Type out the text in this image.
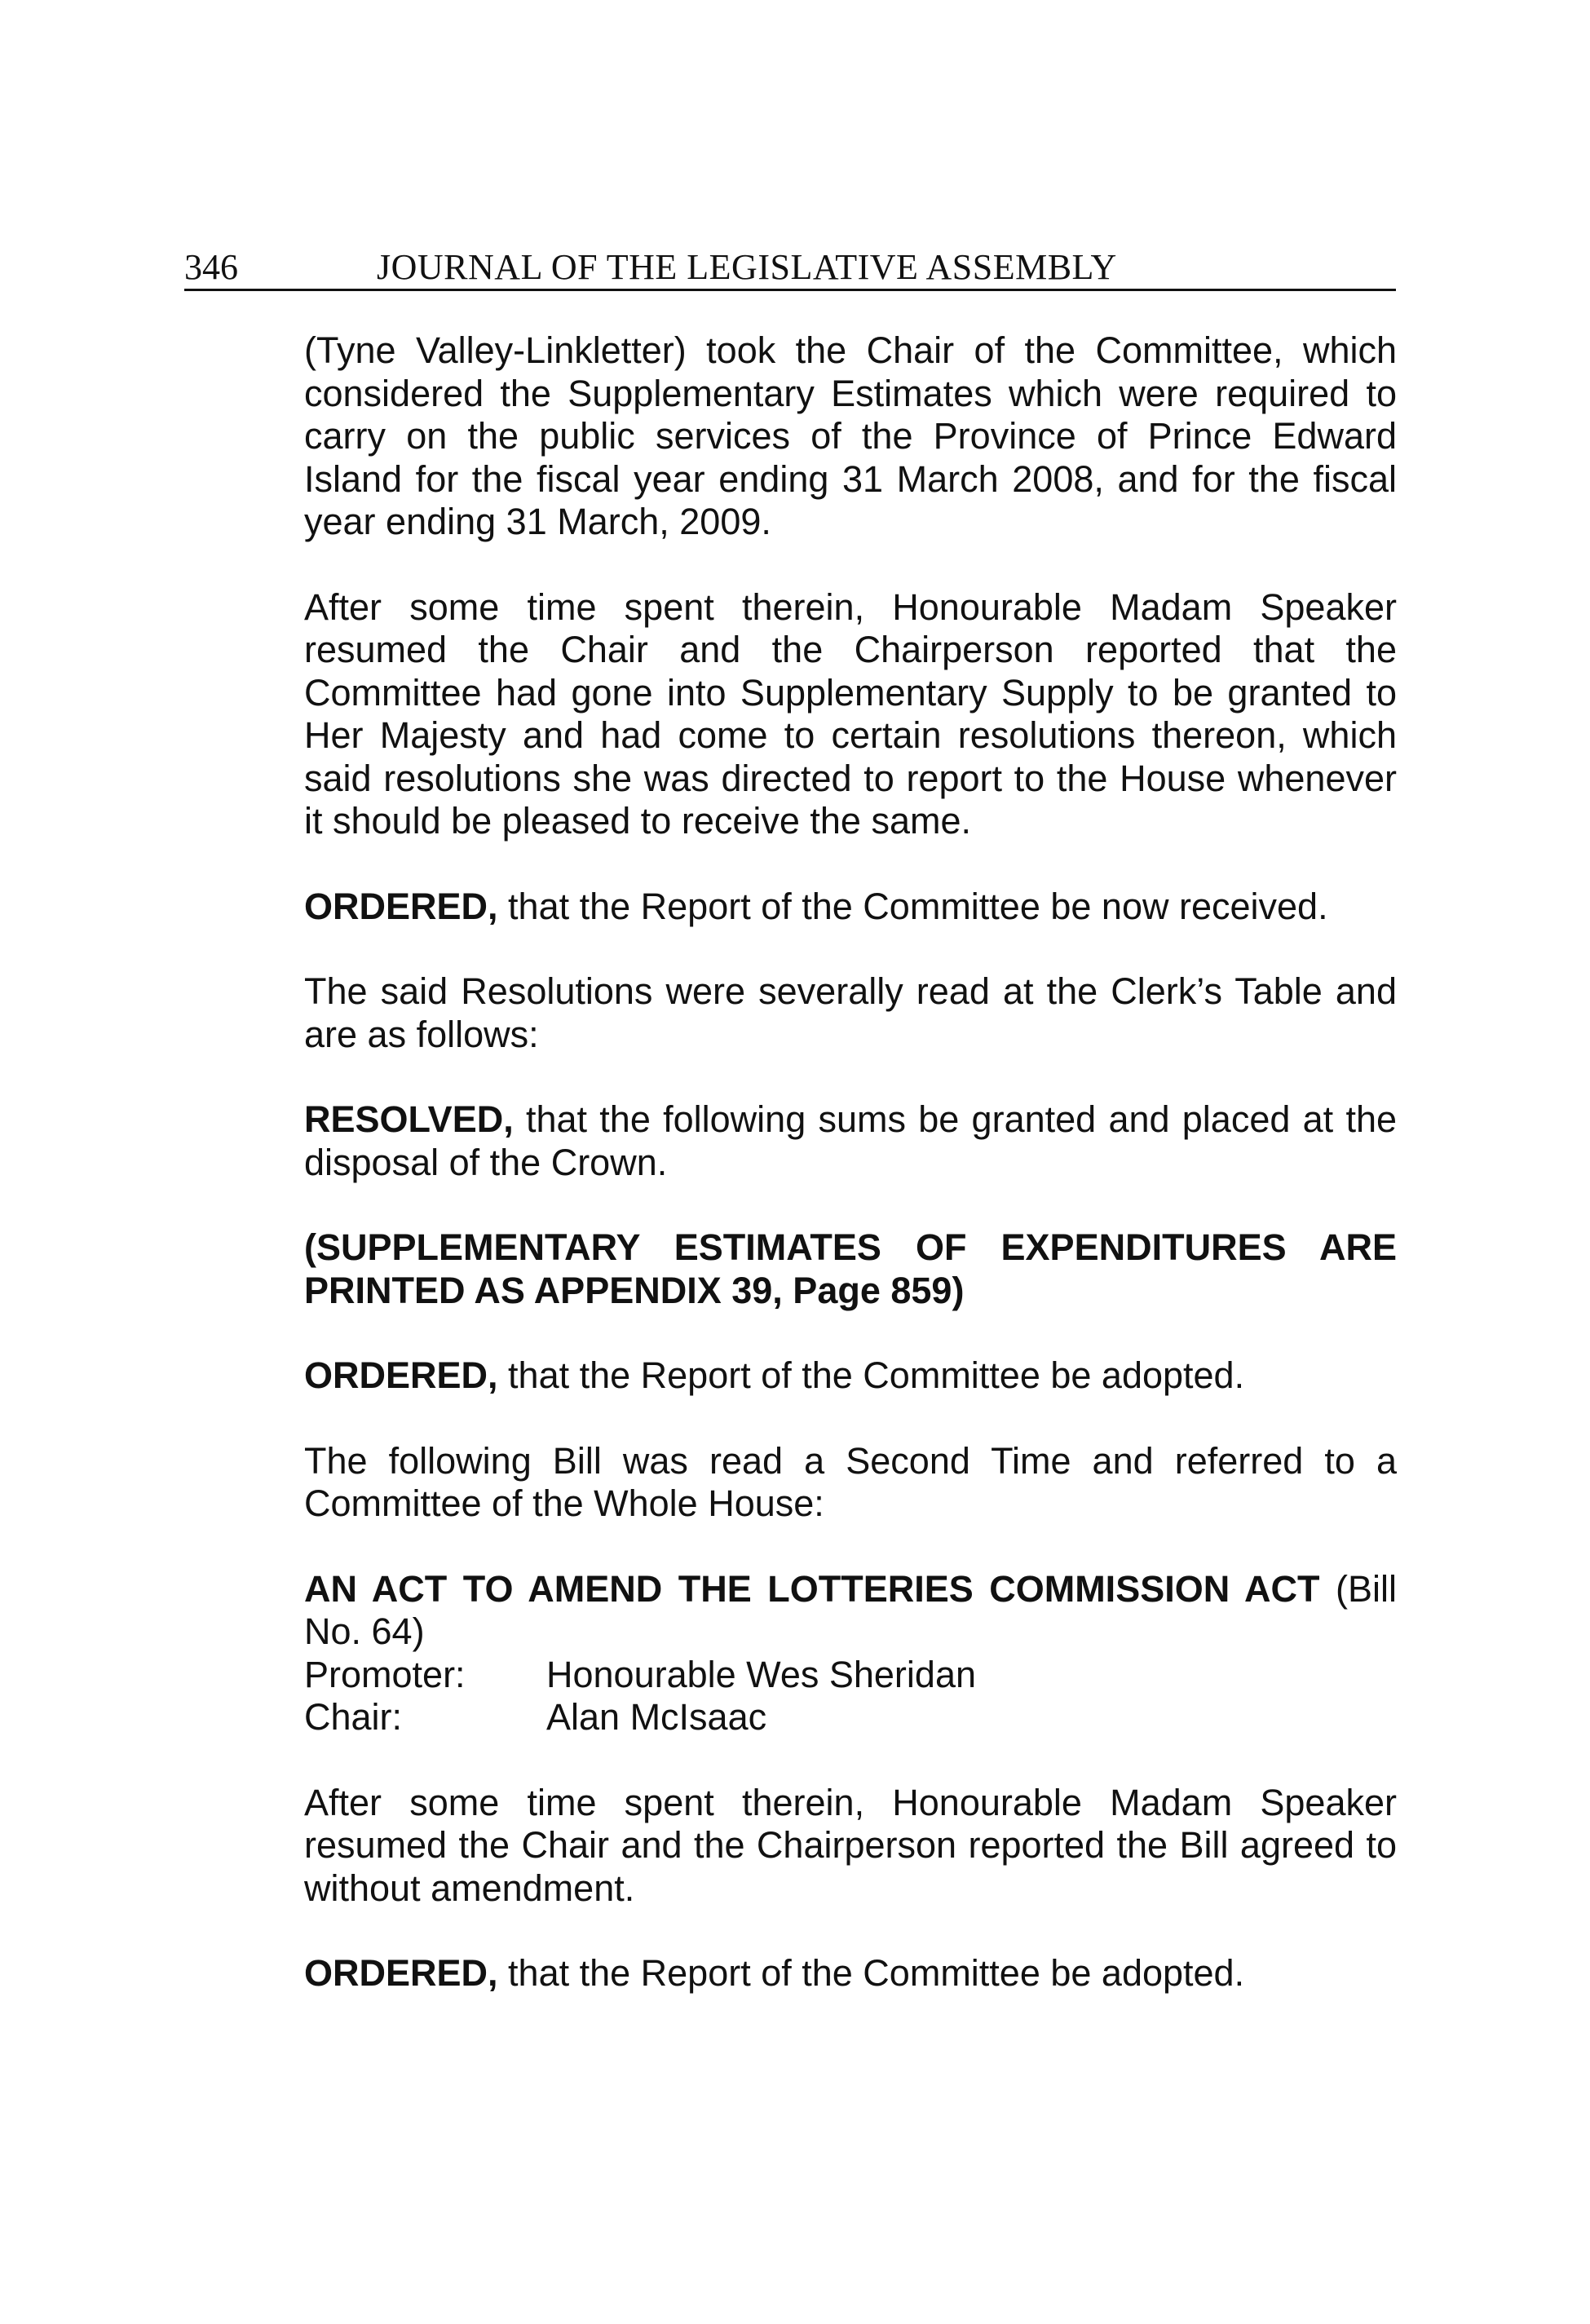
346	JOURNAL OF THE LEGISLATIVE ASSEMBLY

(Tyne Valley-Linkletter) took the Chair of the Committee, which considered the Supplementary Estimates which were required to carry on the public services of the Province of Prince Edward Island for the fiscal year ending 31 March 2008, and for the fiscal year ending 31 March, 2009.

After some time spent therein, Honourable Madam Speaker resumed the Chair and the Chairperson reported that the Committee had gone into Supplementary Supply to be granted to Her Majesty and had come to certain resolutions thereon, which said resolutions she was directed to report to the House whenever it should be pleased to receive the same.

ORDERED, that the Report of the Committee be now received.

The said Resolutions were severally read at the Clerk’s Table and are as follows:

RESOLVED, that the following sums be granted and placed at the disposal of the Crown.

(SUPPLEMENTARY ESTIMATES OF EXPENDITURES ARE PRINTED AS APPENDIX 39, Page 859)

ORDERED, that the Report of the Committee be adopted.

The following Bill was read a Second Time and referred to a Committee of the Whole House:

AN ACT TO AMEND THE LOTTERIES COMMISSION ACT (Bill No. 64)

Promoter:	Honourable Wes Sheridan
Chair:	Alan McIsaac

After some time spent therein, Honourable Madam Speaker resumed the Chair and the Chairperson reported the Bill agreed to without amendment.

ORDERED, that the Report of the Committee be adopted.
